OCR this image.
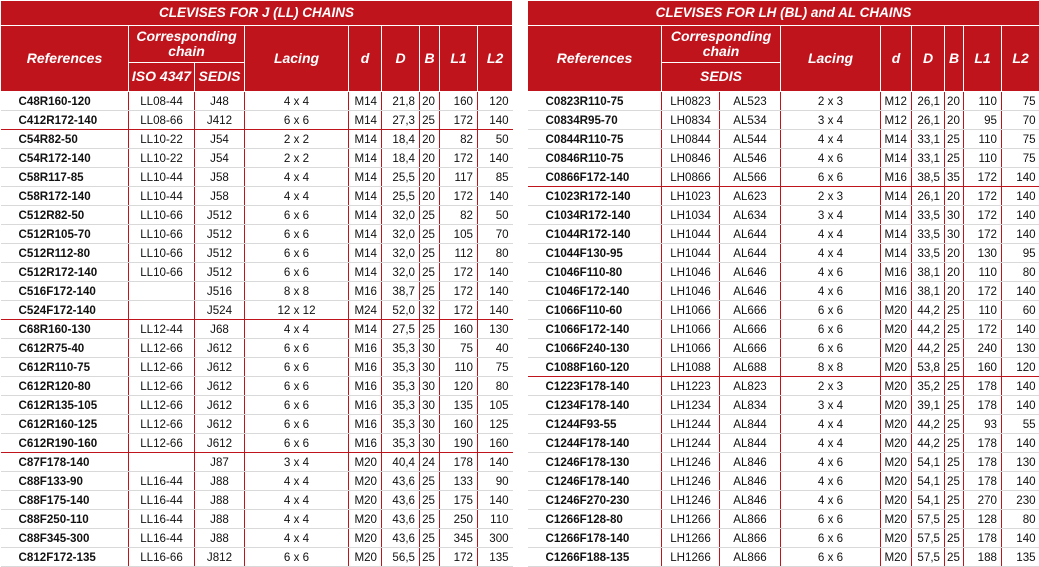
CLEVISES FOR J (LL) CHAINS								
References	Corresponding chain		Lacing	d	D	B	L1	L2
	ISO 4347	SEDIS						
C48R160-120	LL08-44	J48	4 x 4	M14	21,8	20	160	120
C412R172-140	LL08-66	J412	6 x 6	M14	27,3	25	172	140
C54R82-50	LL10-22	J54	2 x 2	M14	18,4	20	82	50
C54R172-140	LL10-22	J54	2 x 2	M14	18,4	20	172	140
C58R117-85	LL10-44	J58	4 x 4	M14	25,5	20	117	85
C58R172-140	LL10-44	J58	4 x 4	M14	25,5	20	172	140
C512R82-50	LL10-66	J512	6 x 6	M14	32,0	25	82	50
C512R105-70	LL10-66	J512	6 x 6	M14	32,0	25	105	70
C512R112-80	LL10-66	J512	6 x 6	M14	32,0	25	112	80
C512R172-140	LL10-66	J512	6 x 6	M14	32,0	25	172	140
C516F172-140		J516	8 x 8	M16	38,7	25	172	140
C524F172-140		J524	12 x 12	M24	52,0	32	172	140
C68R160-130	LL12-44	J68	4 x 4	M14	27,5	25	160	130
C612R75-40	LL12-66	J612	6 x 6	M16	35,3	30	75	40
C612R110-75	LL12-66	J612	6 x 6	M16	35,3	30	110	75
C612R120-80	LL12-66	J612	6 x 6	M16	35,3	30	120	80
C612R135-105	LL12-66	J612	6 x 6	M16	35,3	30	135	105
C612R160-125	LL12-66	J612	6 x 6	M16	35,3	30	160	125
C612R190-160	LL12-66	J612	6 x 6	M16	35,3	30	190	160
C87F178-140		J87	3 x 4	M20	40,4	24	178	140
C88F133-90	LL16-44	J88	4 x 4	M20	43,6	25	133	90
C88F175-140	LL16-44	J88	4 x 4	M20	43,6	25	175	140
C88F250-110	LL16-44	J88	4 x 4	M20	43,6	25	250	110
C88F345-300	LL16-44	J88	4 x 4	M20	43,6	25	345	300
C812F172-135	LL16-66	J812	6 x 6	M20	56,5	25	172	135
CLEVISES FOR LH (BL) and AL CHAINS								
References	Corresponding chain		Lacing	d	D	B	L1	L2
	SEDIS							
C0823R110-75	LH0823	AL523	2 x 3	M12	26,1	20	110	75
C0834R95-70	LH0834	AL534	3 x 4	M12	26,1	20	95	70
C0844R110-75	LH0844	AL544	4 x 4	M14	33,1	25	110	75
C0846R110-75	LH0846	AL546	4 x 6	M14	33,1	25	110	75
C0866F172-140	LH0866	AL566	6 x 6	M16	38,5	35	172	140
C1023R172-140	LH1023	AL623	2 x 3	M14	26,1	20	172	140
C1034R172-140	LH1034	AL634	3 x 4	M14	33,5	30	172	140
C1044R172-140	LH1044	AL644	4 x 4	M14	33,5	30	172	140
C1044F130-95	LH1044	AL644	4 x 4	M14	33,5	20	130	95
C1046F110-80	LH1046	AL646	4 x 6	M16	38,1	20	110	80
C1046F172-140	LH1046	AL646	4 x 6	M16	38,1	20	172	140
C1066F110-60	LH1066	AL666	6 x 6	M20	44,2	25	110	60
C1066F172-140	LH1066	AL666	6 x 6	M20	44,2	25	172	140
C1066F240-130	LH1066	AL666	6 x 6	M20	44,2	25	240	130
C1088F160-120	LH1088	AL688	8 x 8	M20	53,8	25	160	120
C1223F178-140	LH1223	AL823	2 x 3	M20	35,2	25	178	140
C1234F178-140	LH1234	AL834	3 x 4	M20	39,1	25	178	140
C1244F93-55	LH1244	AL844	4 x 4	M20	44,2	25	93	55
C1244F178-140	LH1244	AL844	4 x 4	M20	44,2	25	178	140
C1246F178-130	LH1246	AL846	4 x 6	M20	54,1	25	178	130
C1246F178-140	LH1246	AL846	4 x 6	M20	54,1	25	178	140
C1246F270-230	LH1246	AL846	4 x 6	M20	54,1	25	270	230
C1266F128-80	LH1266	AL866	6 x 6	M20	57,5	25	128	80
C1266F178-140	LH1266	AL866	6 x 6	M20	57,5	25	178	140
C1266F188-135	LH1266	AL866	6 x 6	M20	57,5	25	188	135
